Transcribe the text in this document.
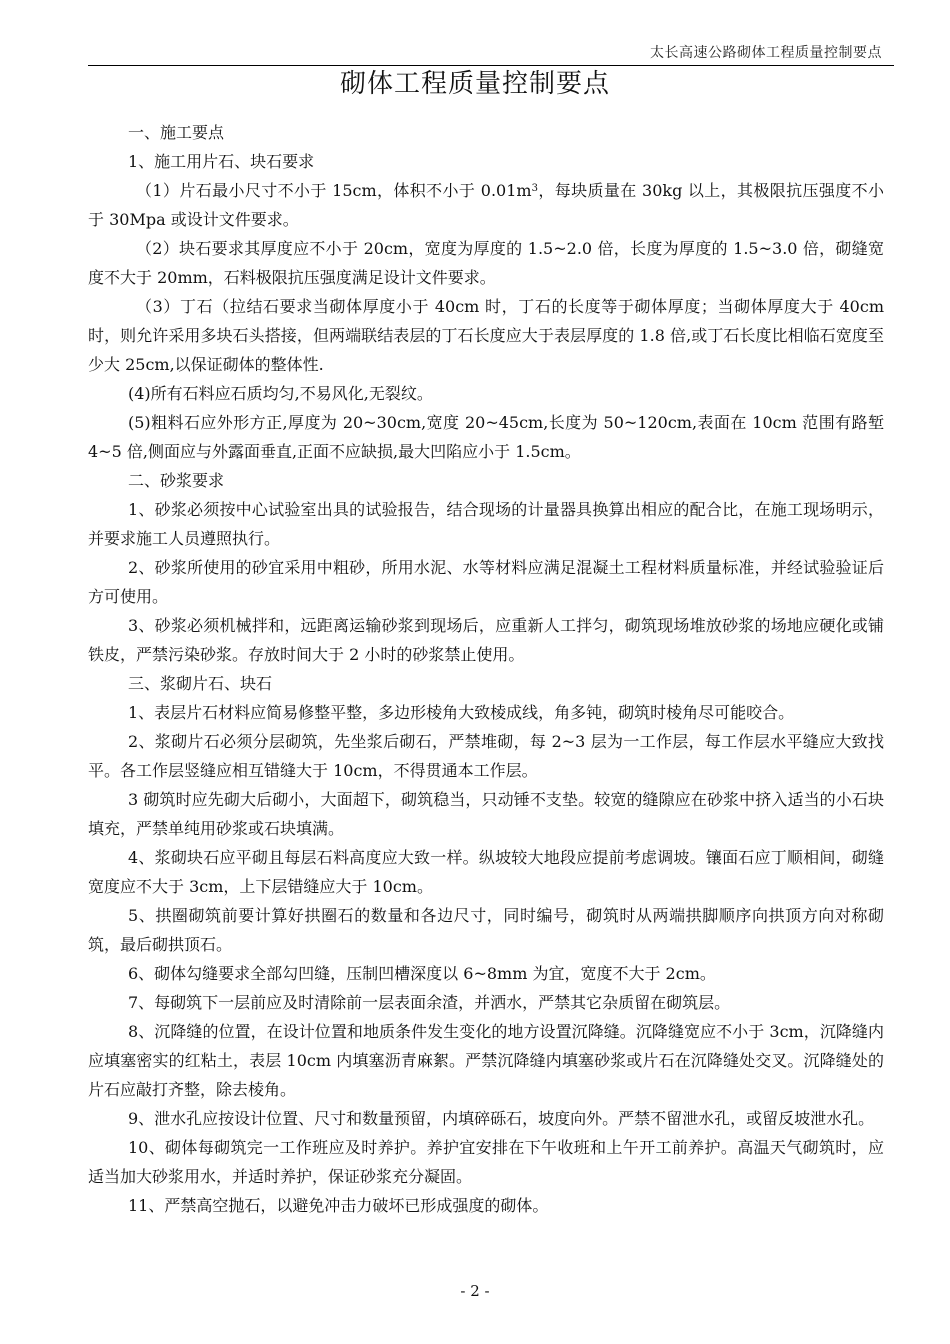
太长高速公路砌体工程质量控制要点
砌体工程质量控制要点

一、施工要点

1、施工用片石、块石要求

（1）片石最小尺寸不小于 15cm，体积不小于 $0.01m^3$，每块质量在 30kg 以上，其极限抗压强度不小于 30Mpa 或设计文件要求。

（2）块石要求其厚度应不小于 20cm，宽度为厚度的 1.5~2.0 倍，长度为厚度的 1.5~3.0 倍，砌缝宽度不大于 20mm，石料极限抗压强度满足设计文件要求。

（3）丁石（拉结石要求当砌体厚度小于 40cm 时，丁石的长度等于砌体厚度；当砌体厚度大于 40cm 时，则允许采用多块石头搭接，但两端联结表层的丁石长度应大于表层厚度的 1.8 倍,或丁石长度比相临石宽度至少大 25cm,以保证砌体的整体性.

(4)所有石料应石质均匀,不易风化,无裂纹。

(5)粗料石应外形方正,厚度为 20~30cm,宽度 20~45cm,长度为 50~120cm,表面在 10cm 范围有路堑 4~5 倍,侧面应与外露面垂直,正面不应缺损,最大凹陷应小于 1.5cm。

二、砂浆要求

1、砂浆必须按中心试验室出具的试验报告，结合现场的计量器具换算出相应的配合比，在施工现场明示，并要求施工人员遵照执行。

2、砂浆所使用的砂宜采用中粗砂，所用水泥、水等材料应满足混凝土工程材料质量标准，并经试验验证后方可使用。

3、砂浆必须机械拌和，远距离运输砂浆到现场后，应重新人工拌匀，砌筑现场堆放砂浆的场地应硬化或铺铁皮，严禁污染砂浆。存放时间大于 2 小时的砂浆禁止使用。

三、浆砌片石、块石

1、表层片石材料应简易修整平整，多边形棱角大致棱成线，角多钝，砌筑时棱角尽可能咬合。

2、浆砌片石必须分层砌筑，先坐浆后砌石，严禁堆砌，每 2~3 层为一工作层，每工作层水平缝应大致找平。各工作层竖缝应相互错缝大于 10cm，不得贯通本工作层。

3 砌筑时应先砌大后砌小，大面超下，砌筑稳当，只动锤不支垫。较宽的缝隙应在砂浆中挤入适当的小石块填充，严禁单纯用砂浆或石块填满。

4、浆砌块石应平砌且每层石料高度应大致一样。纵坡较大地段应提前考虑调坡。镶面石应丁顺相间，砌缝宽度应不大于 3cm，上下层错缝应大于 10cm。

5、拱圈砌筑前要计算好拱圈石的数量和各边尺寸，同时编号，砌筑时从两端拱脚顺序向拱顶方向对称砌筑，最后砌拱顶石。

6、砌体勾缝要求全部勾凹缝，压制凹槽深度以 6~8mm 为宜，宽度不大于 2cm。

7、每砌筑下一层前应及时清除前一层表面余渣，并洒水，严禁其它杂质留在砌筑层。

8、沉降缝的位置，在设计位置和地质条件发生变化的地方设置沉降缝。沉降缝宽应不小于 3cm，沉降缝内应填塞密实的红粘土，表层 10cm 内填塞沥青麻絮。严禁沉降缝内填塞砂浆或片石在沉降缝处交叉。沉降缝处的片石应敲打齐整，除去棱角。

9、泄水孔应按设计位置、尺寸和数量预留，内填碎砾石，坡度向外。严禁不留泄水孔，或留反坡泄水孔。

10、砌体每砌筑完一工作班应及时养护。养护宜安排在下午收班和上午开工前养护。高温天气砌筑时，应适当加大砂浆用水，并适时养护，保证砂浆充分凝固。

11、严禁高空抛石，以避免冲击力破坏已形成强度的砌体。

- 2 -
